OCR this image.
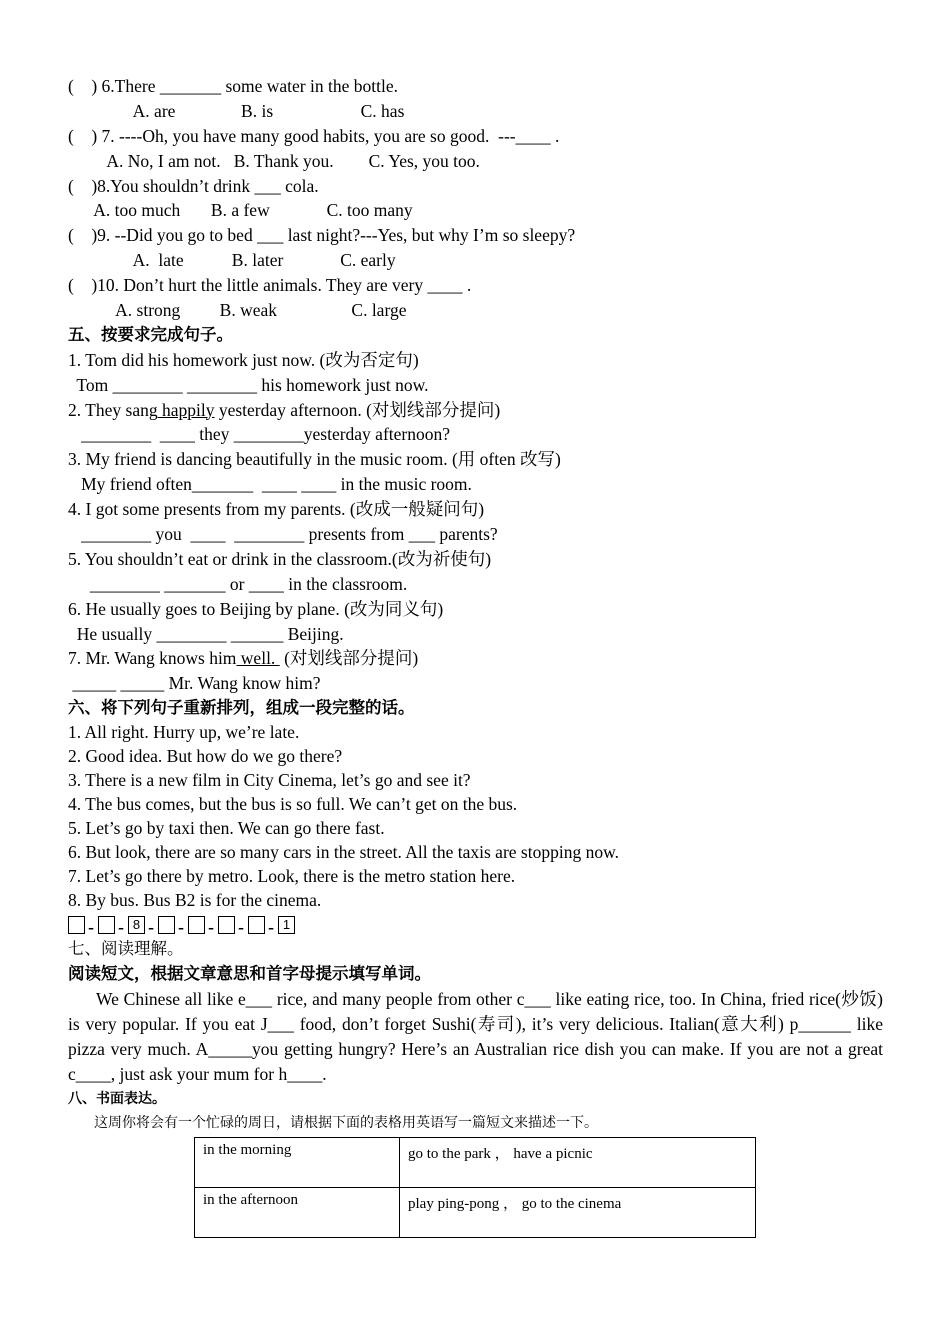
(    ) 6.There _______ some water in the bottle.
A. are               B. is                    C. has
(    ) 7. ----Oh, you have many good habits, you are so good.  ---____ .
A. No, I am not.   B. Thank you.        C. Yes, you too.
(    )8.You shouldn’t drink ___ cola.
A. too much       B. a few             C. too many
(    )9. --Did you go to bed ___ last night?---Yes, but why I’m so sleepy?
A.  late           B. later             C. early
(    )10. Don’t hurt the little animals. They are very ____ .
A. strong         B. weak                 C. large
五、按要求完成句子。
1. Tom did his homework just now. (改为否定句)
Tom ________ ________ his homework just now.
2. They sang happily yesterday afternoon. (对划线部分提问)
________  ____ they ________yesterday afternoon?
3. My friend is dancing beautifully in the music room. (用 often 改写)
My friend often_______  ____ ____ in the music room.
4. I got some presents from my parents. (改成一般疑问句)
________ you  ____  ________ presents from ___ parents?
5. You shouldn’t eat or drink in the classroom.(改为祈使句)
________ _______ or ____ in the classroom.
6. He usually goes to Beijing by plane. (改为同义句)
He usually ________ ______ Beijing.
7. Mr. Wang knows him well.  (对划线部分提问)
_____ _____ Mr. Wang know him?
六、将下列句子重新排列，组成一段完整的话。
1. All right. Hurry up, we’re late.
2. Good idea. But how do we go there?
3. There is a new film in City Cinema, let’s go and see it?
4. The bus comes, but the bus is so full. We can’t get on the bus.
5. Let’s go by taxi then. We can go there fast.
6. But look, there are so many cars in the street. All the taxis are stopping now.
7. Let’s go there by metro. Look, there is the metro station here.
8. By bus. Bus B2 is for the cinema.
- - 8 - - - - - 1
七、阅读理解。
阅读短文，根据文章意思和首字母提示填写单词。
We Chinese all like e___ rice, and many people from other c___ like eating rice, too. In China, fried rice(炒饭) is very popular. If you eat J___ food, don’t forget Sushi(寿司), it’s very delicious. Italian(意大利) p______ like pizza very much. A_____you getting hungry? Here’s an Australian rice dish you can make. If you are not a great c____, just ask your mum for h____.
八、书面表达。
这周你将会有一个忙碌的周日，请根据下面的表格用英语写一篇短文来描述一下。
in the morning	go to the park ， have a picnic
in the afternoon	play ping-pong ， go to the cinema
